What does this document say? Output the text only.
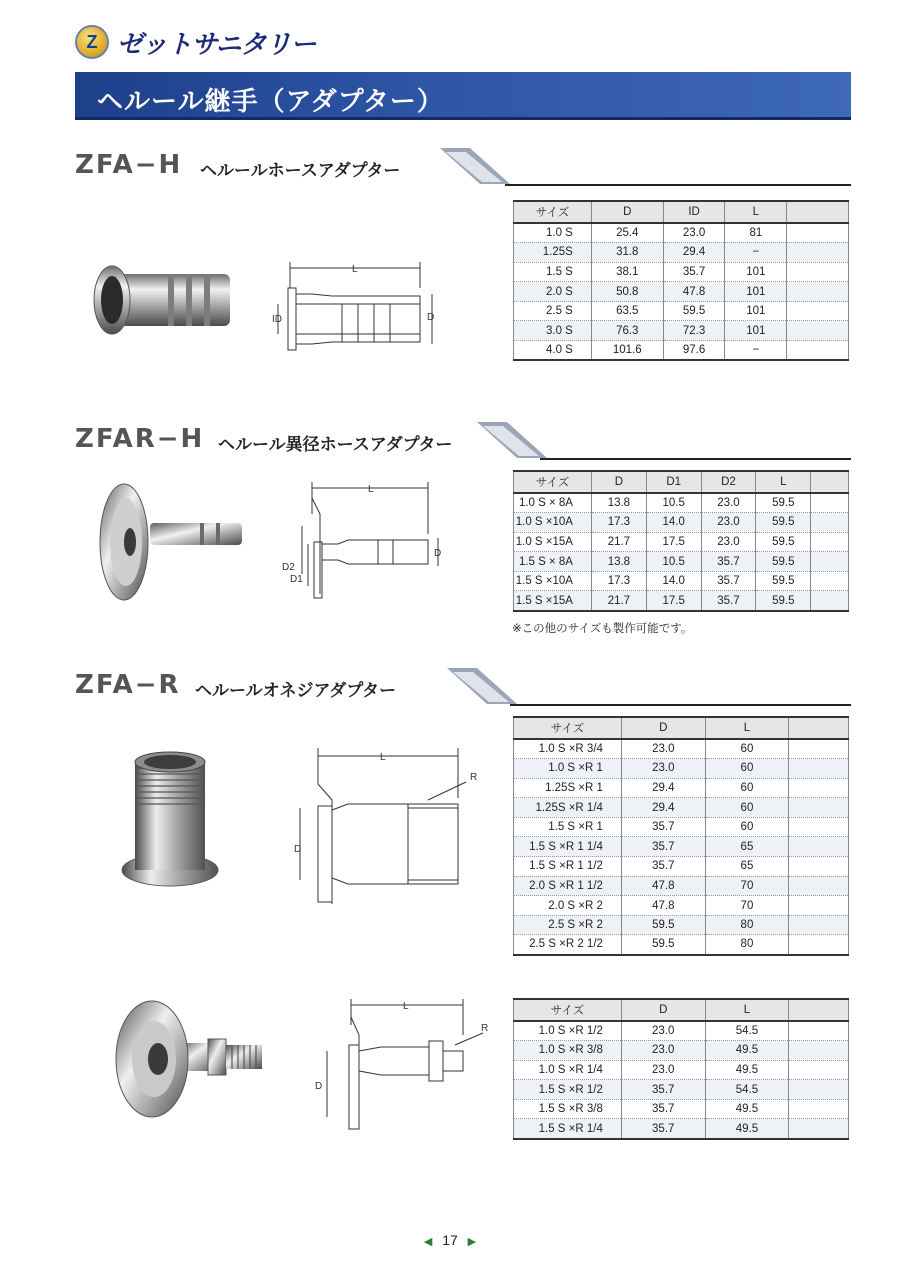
Z ゼットサニタリー
ヘルール継手（アダプター）
ZFA−H ヘルールホースアダプター
L
ID	D
サイズ	D	ID	L	
1.0 S	25.4	23.0	81	
1.25S	31.8	29.4	−	
1.5 S	38.1	35.7	101	
2.0 S	50.8	47.8	101	
2.5 S	63.5	59.5	101	
3.0 S	76.3	72.3	101	
4.0 S	101.6	97.6	−	
ZFAR−H ヘルール異径ホースアダプター
L
D2
D1
D
サイズ	D	D1	D2	L	
1.0 S × 8A	13.8	10.5	23.0	59.5	
1.0 S ×10A	17.3	14.0	23.0	59.5	
1.0 S ×15A	21.7	17.5	23.0	59.5	
1.5 S × 8A	13.8	10.5	35.7	59.5	
1.5 S ×10A	17.3	14.0	35.7	59.5	
1.5 S ×15A	21.7	17.5	35.7	59.5	
※この他のサイズも製作可能です。
ZFA−R ヘルールオネジアダプター
L
R
D
サイズ	D	L	
1.0 S ×R 3/4	23.0	60	
1.0 S ×R 1	23.0	60	
1.25S ×R 1	29.4	60	
1.25S ×R 1/4	29.4	60	
1.5 S ×R 1	35.7	60	
1.5 S ×R 1 1/4	35.7	65	
1.5 S ×R 1 1/2	35.7	65	
2.0 S ×R 1 1/2	47.8	70	
2.0 S ×R 2	47.8	70	
2.5 S ×R 2	59.5	80	
2.5 S ×R 2 1/2	59.5	80	
L
R
D
サイズ	D	L	
1.0 S ×R 1/2	23.0	54.5	
1.0 S ×R 3/8	23.0	49.5	
1.0 S ×R 1/4	23.0	49.5	
1.5 S ×R 1/2	35.7	54.5	
1.5 S ×R 3/8	35.7	49.5	
1.5 S ×R 1/4	35.7	49.5	
◀ 17 ▶
